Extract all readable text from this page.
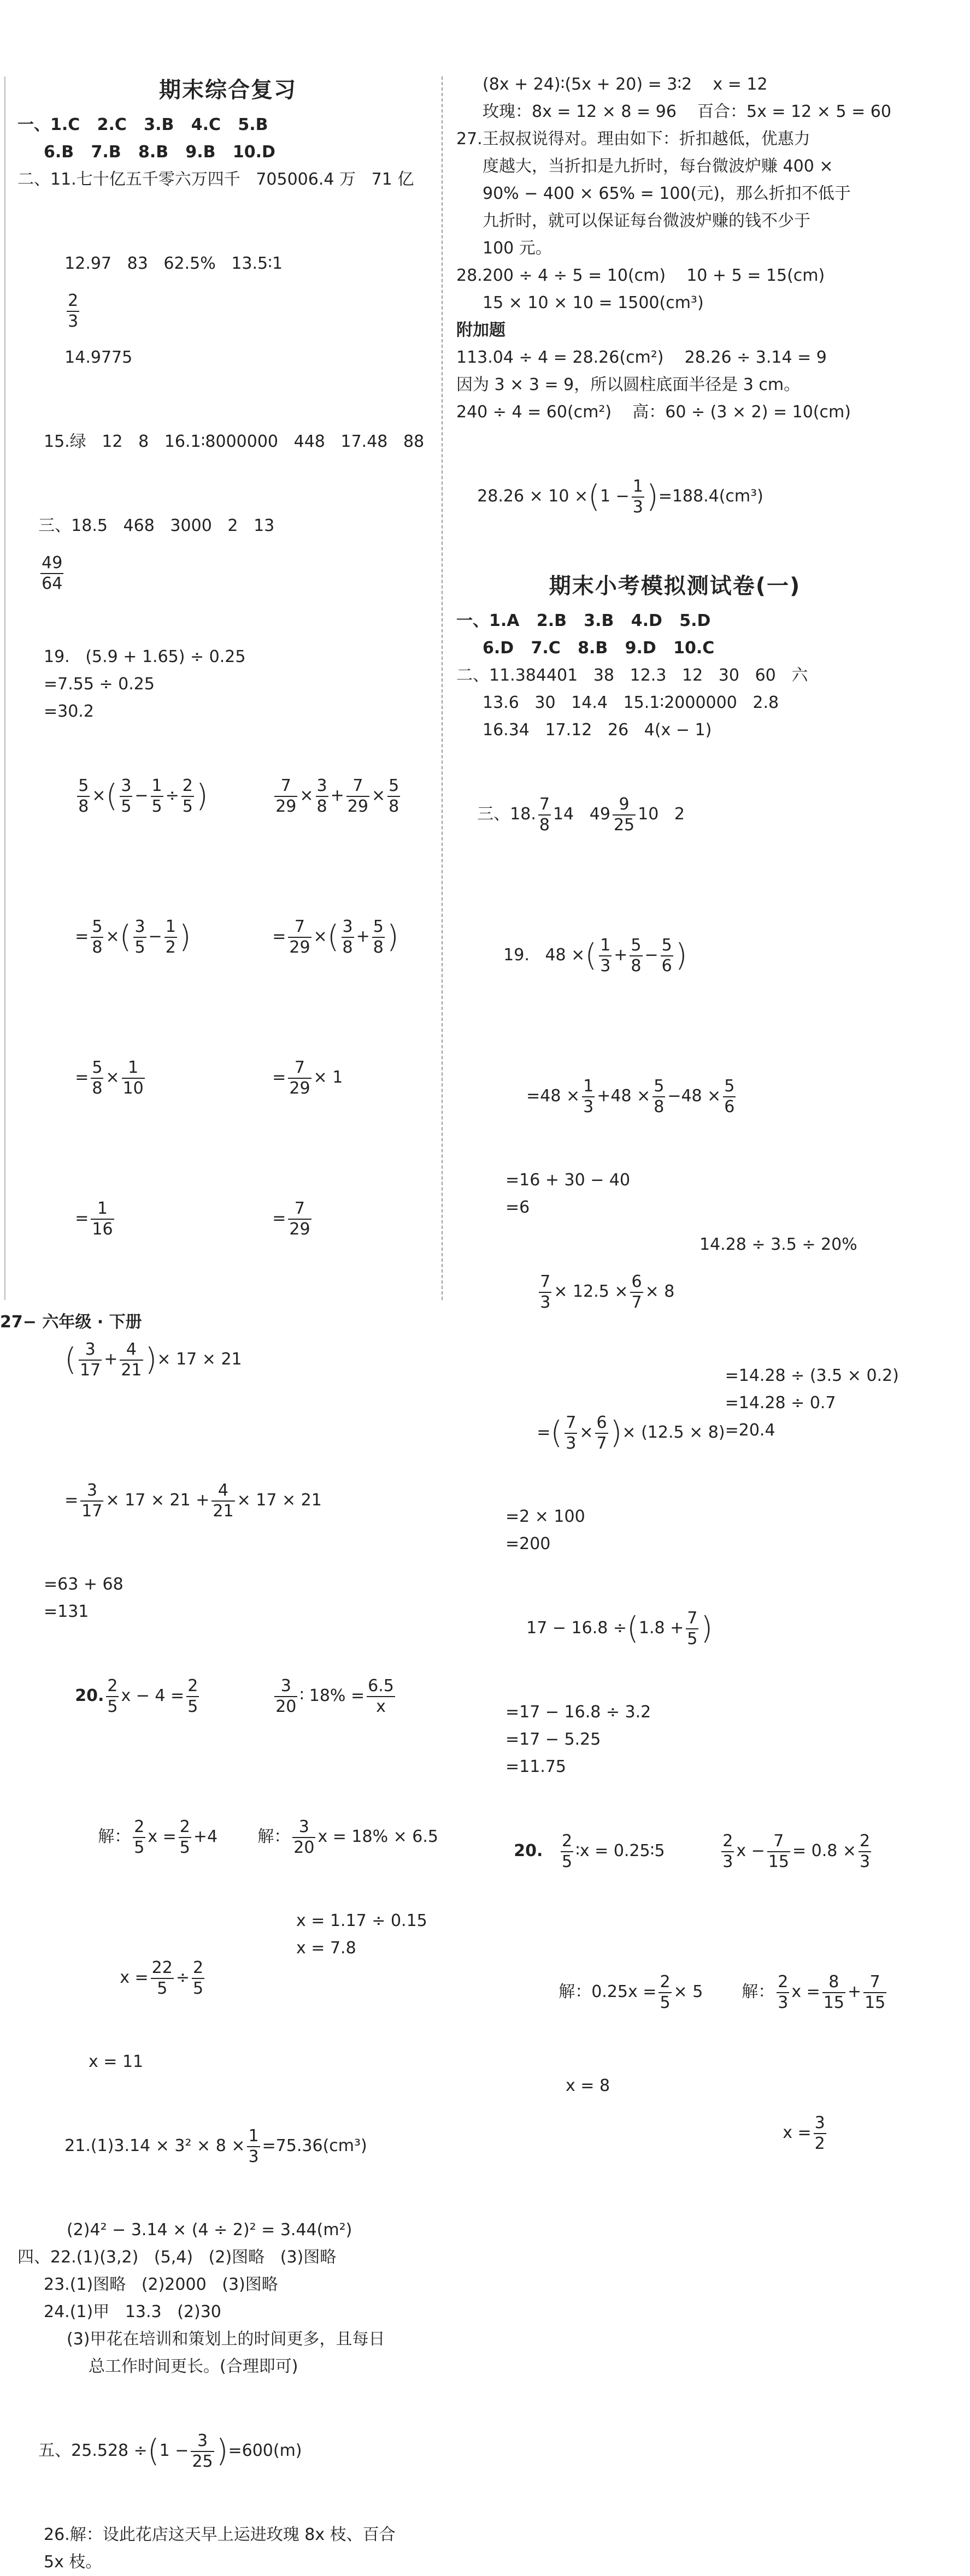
期末综合复习
一、1.C   2.C   3.B   4.C   5.B
6.B   7.B   8.B   9.B   10.D
二、11.七十亿五千零六万四千   705006.4 万   71 亿

12.97   83   62.5%   13.5∶1

$\frac{2}{3}$

14.9775

15.绿   12   8   16.1∶8000000   448   17.48   88

三、18.5   468   3000   2   13

$\frac{49}{64}$

19.   (5.9 + 1.65) ÷ 0.25
=7.55 ÷ 0.25
=30.2

$\frac{5}{8}$ ×( $\frac{3}{5} - \frac{1}{5} \div \frac{2}{5}$ )

	$\frac{7}{29} \times \frac{3}{8} + \frac{7}{29} \times \frac{5}{8}$

= $\frac{5}{8}$ ×( $\frac{3}{5} - \frac{1}{2}$ )

= $\frac{7}{29}$ ×( $\frac{3}{8} + \frac{5}{8}$ )

= $\frac{5}{8} \times \frac{1}{10}$

= $\frac{7}{29} \times 1$

= $\frac{1}{16}$

= $\frac{7}{29}$

( $\frac{3}{17} + \frac{4}{21}$ )× 17 × 21

= $\frac{3}{17} \times 17 \times 21 + \frac{4}{21} \times 17 \times 21$

=63 + 68
=131

20. $\frac{2}{5}$ $x - 4 = \frac{2}{5}$

	$\frac{3}{20}$ ∶ $18\% = \frac{6.5}{x}$

解： $\frac{2}{5}$ $x = \frac{2}{5} +4$
	解： $\frac{3}{20}$ x = 18% × 6.5

$x = \frac{22}{5} \div \frac{2}{5}$

x = 1.17 ÷ 0.15
x = 7.8
x = 11

$21.(1)3.14 \times 3^2 \times 8 \times \frac{1}{3} =75.36(cm^3)$

(2)4² − 3.14 × (4 ÷ 2)² = 3.44(m²)
四、22.(1)(3,2)   (5,4)   (2)图略   (3)图略
23.(1)图略   (2)2000   (3)图略
24.(1)甲   13.3   (2)30
(3)甲花在培训和策划上的时间更多，且每日
总工作时间更长。(合理即可)

五、$25.528 \div(1 - \frac{3}{25} )=600(m)$

26.解：设此花店这天早上运进玫瑰 8x 枝、百合
5x 枝。
(8x + 24)∶(5x + 20) = 3∶2    x = 12
玫瑰：8x = 12 × 8 = 96    百合：5x = 12 × 5 = 60
27.王叔叔说得对。理由如下：折扣越低，优惠力
度越大，当折扣是九折时，每台微波炉赚 400 ×
90% − 400 × 65% = 100(元)，那么折扣不低于
九折时，就可以保证每台微波炉赚的钱不少于
100 元。
28.200 ÷ 4 ÷ 5 = 10(cm)    10 + 5 = 15(cm)
15 × 10 × 10 = 1500(cm³)
附加题
113.04 ÷ 4 = 28.26(cm²)    28.26 ÷ 3.14 = 9
因为 3 × 3 = 9，所以圆柱底面半径是 3 cm。
240 ÷ 4 = 60(cm²)    高：60 ÷ (3 × 2) = 10(cm)

$28.26 \times 10 \times(1 - \frac{1}{3} )=188.4(cm^3)$

期末小考模拟测试卷(一)
一、1.A   2.B   3.B   4.D   5.D
6.D   7.C   8.B   9.D   10.C
二、11.384401   38   12.3   12   30   60   六
13.6   30   14.4   15.1∶2000000   2.8
16.34   17.12   26   4(x − 1)

三、18. $\frac{7}{8} 14$   $49 \frac{9}{25} 10$   2

19.   48 ×( $\frac{1}{3} + \frac{5}{8} - \frac{5}{6}$ )

$=48 \times \frac{1}{3} +48 \times \frac{5}{8} -48 \times \frac{5}{6}$

=16 + 30 − 40
=6

$\frac{7}{3} \times 12.5 \times \frac{6}{7} \times 8$

14.28 ÷ 3.5 ÷ 20%

=( $\frac{7}{3} \times \frac{6}{7}$ )× (12.5 × 8)

=14.28 ÷ (3.5 × 0.2)
=14.28 ÷ 0.7
=20.4
=2 × 100
=200

$17 - 16.8 \div(1.8 + \frac{7}{5}$ )

=17 − 16.8 ÷ 3.2
=17 − 5.25
=11.75

20. $\frac{2}{5}$ ∶x = 0.25∶5

	$\frac{2}{3}$ $x - \frac{7}{15} = 0.8 \times \frac{2}{3}$

解：$0.25x = \frac{2}{5} \times 5$
	解： $\frac{2}{3}$ $x = \frac{8}{15} + \frac{7}{15}$

x = 8

$x = \frac{3}{2}$

27− 六年级 · 下册
